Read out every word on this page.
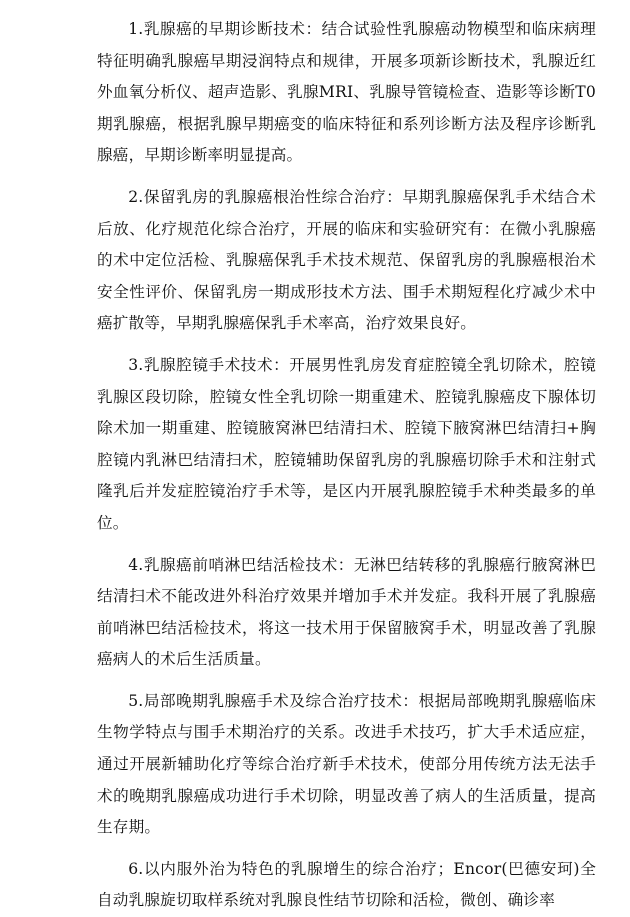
1.乳腺癌的早期诊断技术：结合试验性乳腺癌动物模型和临床病理特征明确乳腺癌早期浸润特点和规律，开展多项新诊断技术，乳腺近红外血氧分析仪、超声造影、乳腺MRI、乳腺导管镜检查、造影等诊断T0期乳腺癌，根据乳腺早期癌变的临床特征和系列诊断方法及程序诊断乳腺癌，早期诊断率明显提高。

2.保留乳房的乳腺癌根治性综合治疗：早期乳腺癌保乳手术结合术后放、化疗规范化综合治疗，开展的临床和实验研究有：在微小乳腺癌的术中定位活检、乳腺癌保乳手术技术规范、保留乳房的乳腺癌根治术安全性评价、保留乳房一期成形技术方法、围手术期短程化疗减少术中癌扩散等，早期乳腺癌保乳手术率高，治疗效果良好。

3.乳腺腔镜手术技术：开展男性乳房发育症腔镜全乳切除术，腔镜乳腺区段切除，腔镜女性全乳切除一期重建术、腔镜乳腺癌皮下腺体切除术加一期重建、腔镜腋窝淋巴结清扫术、腔镜下腋窝淋巴结清扫+胸腔镜内乳淋巴结清扫术，腔镜辅助保留乳房的乳腺癌切除手术和注射式隆乳后并发症腔镜治疗手术等，是区内开展乳腺腔镜手术种类最多的单位。

4.乳腺癌前哨淋巴结活检技术：无淋巴结转移的乳腺癌行腋窝淋巴结清扫术不能改进外科治疗效果并增加手术并发症。我科开展了乳腺癌前哨淋巴结活检技术，将这一技术用于保留腋窝手术，明显改善了乳腺癌病人的术后生活质量。

5.局部晚期乳腺癌手术及综合治疗技术：根据局部晚期乳腺癌临床生物学特点与围手术期治疗的关系。改进手术技巧，扩大手术适应症，通过开展新辅助化疗等综合治疗新手术技术，使部分用传统方法无法手术的晚期乳腺癌成功进行手术切除，明显改善了病人的生活质量，提高生存期。

6.以内服外治为特色的乳腺增生的综合治疗；Encor(巴德安珂)全自动乳腺旋切取样系统对乳腺良性结节切除和活检，微创、确诊率
